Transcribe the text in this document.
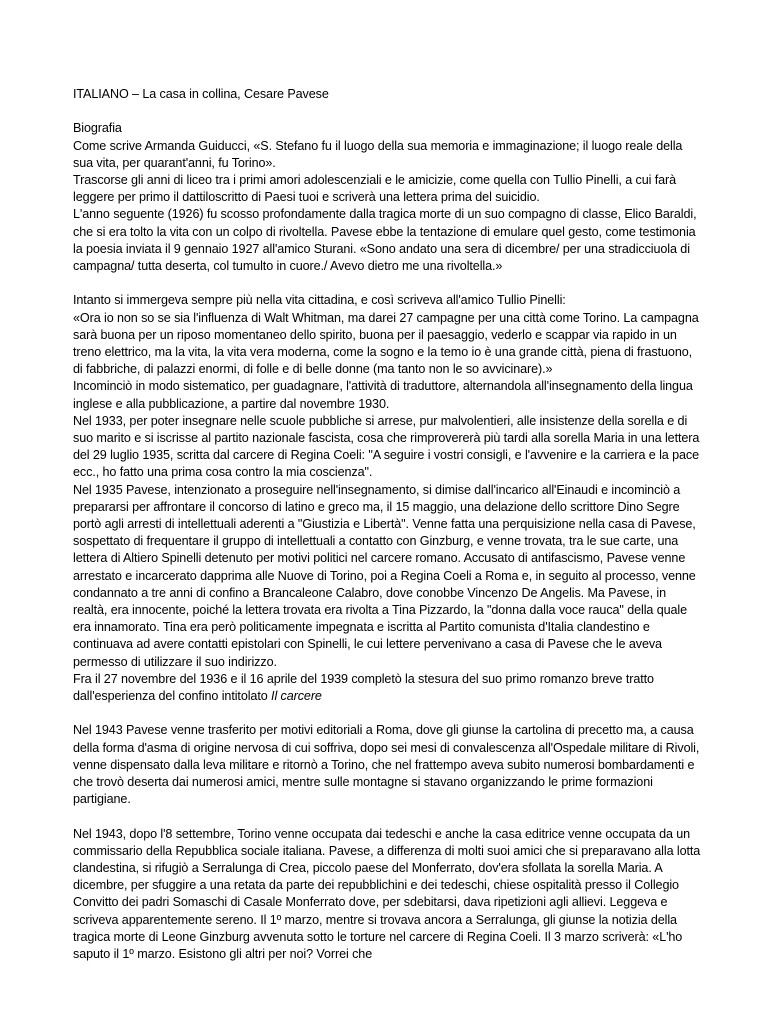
ITALIANO – La casa in collina, Cesare Pavese

Biografia

Come scrive Armanda Guiducci, «S. Stefano fu il luogo della sua memoria e immaginazione; il luogo reale della sua vita, per quarant'anni, fu Torino».

Trascorse gli anni di liceo tra i primi amori adolescenziali e le amicizie, come quella con Tullio Pinelli, a cui farà leggere per primo il dattiloscritto di Paesi tuoi e scriverà una lettera prima del suicidio.

L'anno seguente (1926) fu scosso profondamente dalla tragica morte di un suo compagno di classe, Elico Baraldi, che si era tolto la vita con un colpo di rivoltella. Pavese ebbe la tentazione di emulare quel gesto, come testimonia la poesia inviata il 9 gennaio 1927 all'amico Sturani. «Sono andato una sera di dicembre/ per una stradicciuola di campagna/ tutta deserta, col tumulto in cuore./ Avevo dietro me una rivoltella.»

Intanto si immergeva sempre più nella vita cittadina, e così scriveva all'amico Tullio Pinelli:

«Ora io non so se sia l'influenza di Walt Whitman, ma darei 27 campagne per una città come Torino. La campagna sarà buona per un riposo momentaneo dello spirito, buona per il paesaggio, vederlo e scappar via rapido in un treno elettrico, ma la vita, la vita vera moderna, come la sogno e la temo io è una grande città, piena di frastuono, di fabbriche, di palazzi enormi, di folle e di belle donne (ma tanto non le so avvicinare).»

Incominciò in modo sistematico, per guadagnare, l'attività di traduttore, alternandola all'insegnamento della lingua inglese e alla pubblicazione, a partire dal novembre 1930.

Nel 1933, per poter insegnare nelle scuole pubbliche si arrese, pur malvolentieri, alle insistenze della sorella e di suo marito e si iscrisse al partito nazionale fascista, cosa che rimprovererà più tardi alla sorella Maria in una lettera del 29 luglio 1935, scritta dal carcere di Regina Coeli: "A seguire i vostri consigli, e l'avvenire e la carriera e la pace ecc., ho fatto una prima cosa contro la mia coscienza".

Nel 1935 Pavese, intenzionato a proseguire nell'insegnamento, si dimise dall'incarico all'Einaudi e incominciò a prepararsi per affrontare il concorso di latino e greco ma, il 15 maggio, una delazione dello scrittore Dino Segre portò agli arresti di intellettuali aderenti a "Giustizia e Libertà". Venne fatta una perquisizione nella casa di Pavese, sospettato di frequentare il gruppo di intellettuali a contatto con Ginzburg, e venne trovata, tra le sue carte, una lettera di Altiero Spinelli detenuto per motivi politici nel carcere romano. Accusato di antifascismo, Pavese venne arrestato e incarcerato dapprima alle Nuove di Torino, poi a Regina Coeli a Roma e, in seguito al processo, venne condannato a tre anni di confino a Brancaleone Calabro, dove conobbe Vincenzo De Angelis. Ma Pavese, in realtà, era innocente, poiché la lettera trovata era rivolta a Tina Pizzardo, la "donna dalla voce rauca" della quale era innamorato. Tina era però politicamente impegnata e iscritta al Partito comunista d'Italia clandestino e continuava ad avere contatti epistolari con Spinelli, le cui lettere pervenivano a casa di Pavese che le aveva permesso di utilizzare il suo indirizzo.

Fra il 27 novembre del 1936 e il 16 aprile del 1939 completò la stesura del suo primo romanzo breve tratto dall'esperienza del confino intitolato Il carcere

Nel 1943 Pavese venne trasferito per motivi editoriali a Roma, dove gli giunse la cartolina di precetto ma, a causa della forma d'asma di origine nervosa di cui soffriva, dopo sei mesi di convalescenza all'Ospedale militare di Rivoli, venne dispensato dalla leva militare e ritornò a Torino, che nel frattempo aveva subito numerosi bombardamenti e che trovò deserta dai numerosi amici, mentre sulle montagne si stavano organizzando le prime formazioni partigiane.

Nel 1943, dopo l'8 settembre, Torino venne occupata dai tedeschi e anche la casa editrice venne occupata da un commissario della Repubblica sociale italiana. Pavese, a differenza di molti suoi amici che si preparavano alla lotta clandestina, si rifugiò a Serralunga di Crea, piccolo paese del Monferrato, dov'era sfollata la sorella Maria. A dicembre, per sfuggire a una retata da parte dei repubblichini e dei tedeschi, chiese ospitalità presso il Collegio Convitto dei padri Somaschi di Casale Monferrato dove, per sdebitarsi, dava ripetizioni agli allievi. Leggeva e scriveva apparentemente sereno. Il 1º marzo, mentre si trovava ancora a Serralunga, gli giunse la notizia della tragica morte di Leone Ginzburg avvenuta sotto le torture nel carcere di Regina Coeli. Il 3 marzo scriverà: «L'ho saputo il 1º marzo. Esistono gli altri per noi? Vorrei che
